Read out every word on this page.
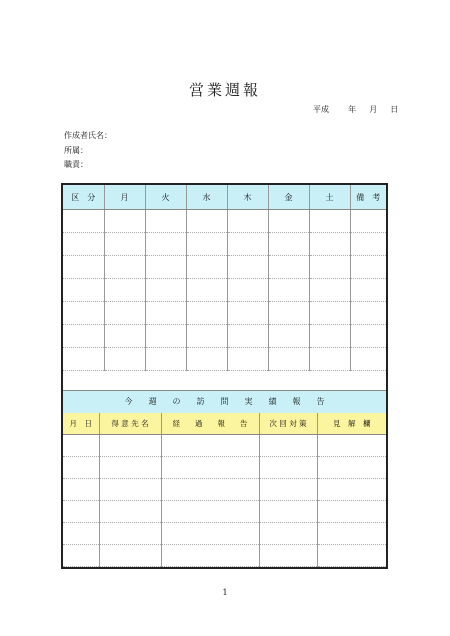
営業週報
平成 年 月 日
作成者氏名：
所属：
職責：
区　分	月	火	水	木	金	土	備　考

今　　週　　の　　訪　　問　　実　　績　　報　　告
月　日	得 意 先 名	経　　過　　報　　告	次 回 対 策	見　解　欄

1
